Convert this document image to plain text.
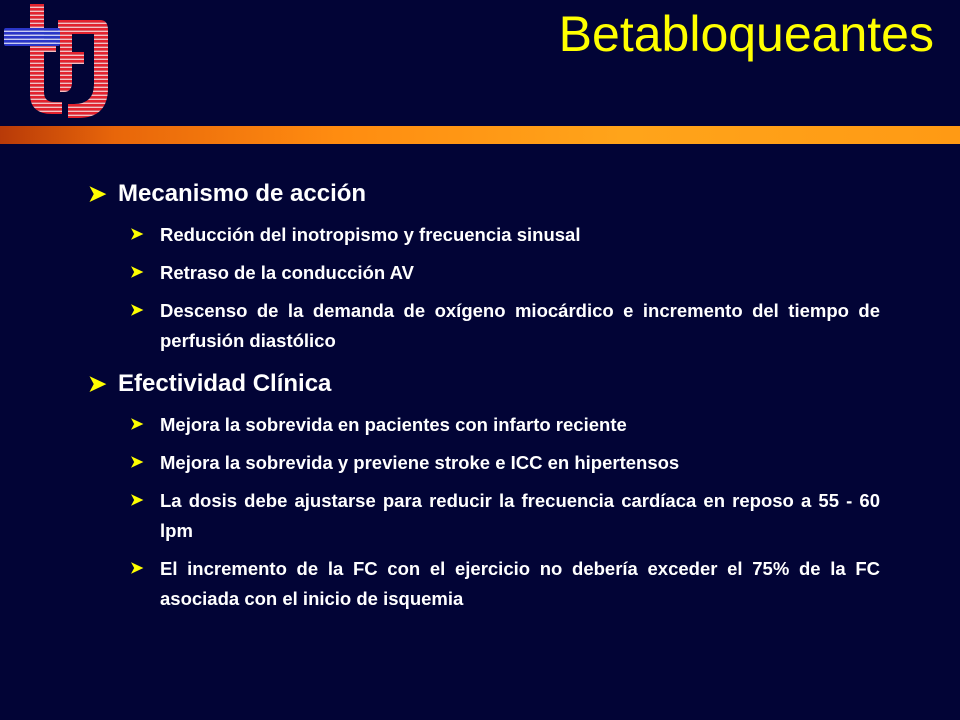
Betabloqueantes
➤ Mecanismo de acción
➤ Reducción del inotropismo y frecuencia sinusal
➤ Retraso de la conducción AV
➤ Descenso de la demanda de oxígeno miocárdico e incremento del tiempo de perfusión diastólico
➤ Efectividad Clínica
➤ Mejora la sobrevida en pacientes con infarto reciente
➤ Mejora la sobrevida y previene stroke e ICC en hipertensos
➤ La dosis debe ajustarse para reducir la frecuencia cardíaca en reposo a 55 - 60 lpm
➤ El incremento de la FC con el ejercicio no debería exceder el 75% de la FC asociada con el inicio de isquemia
